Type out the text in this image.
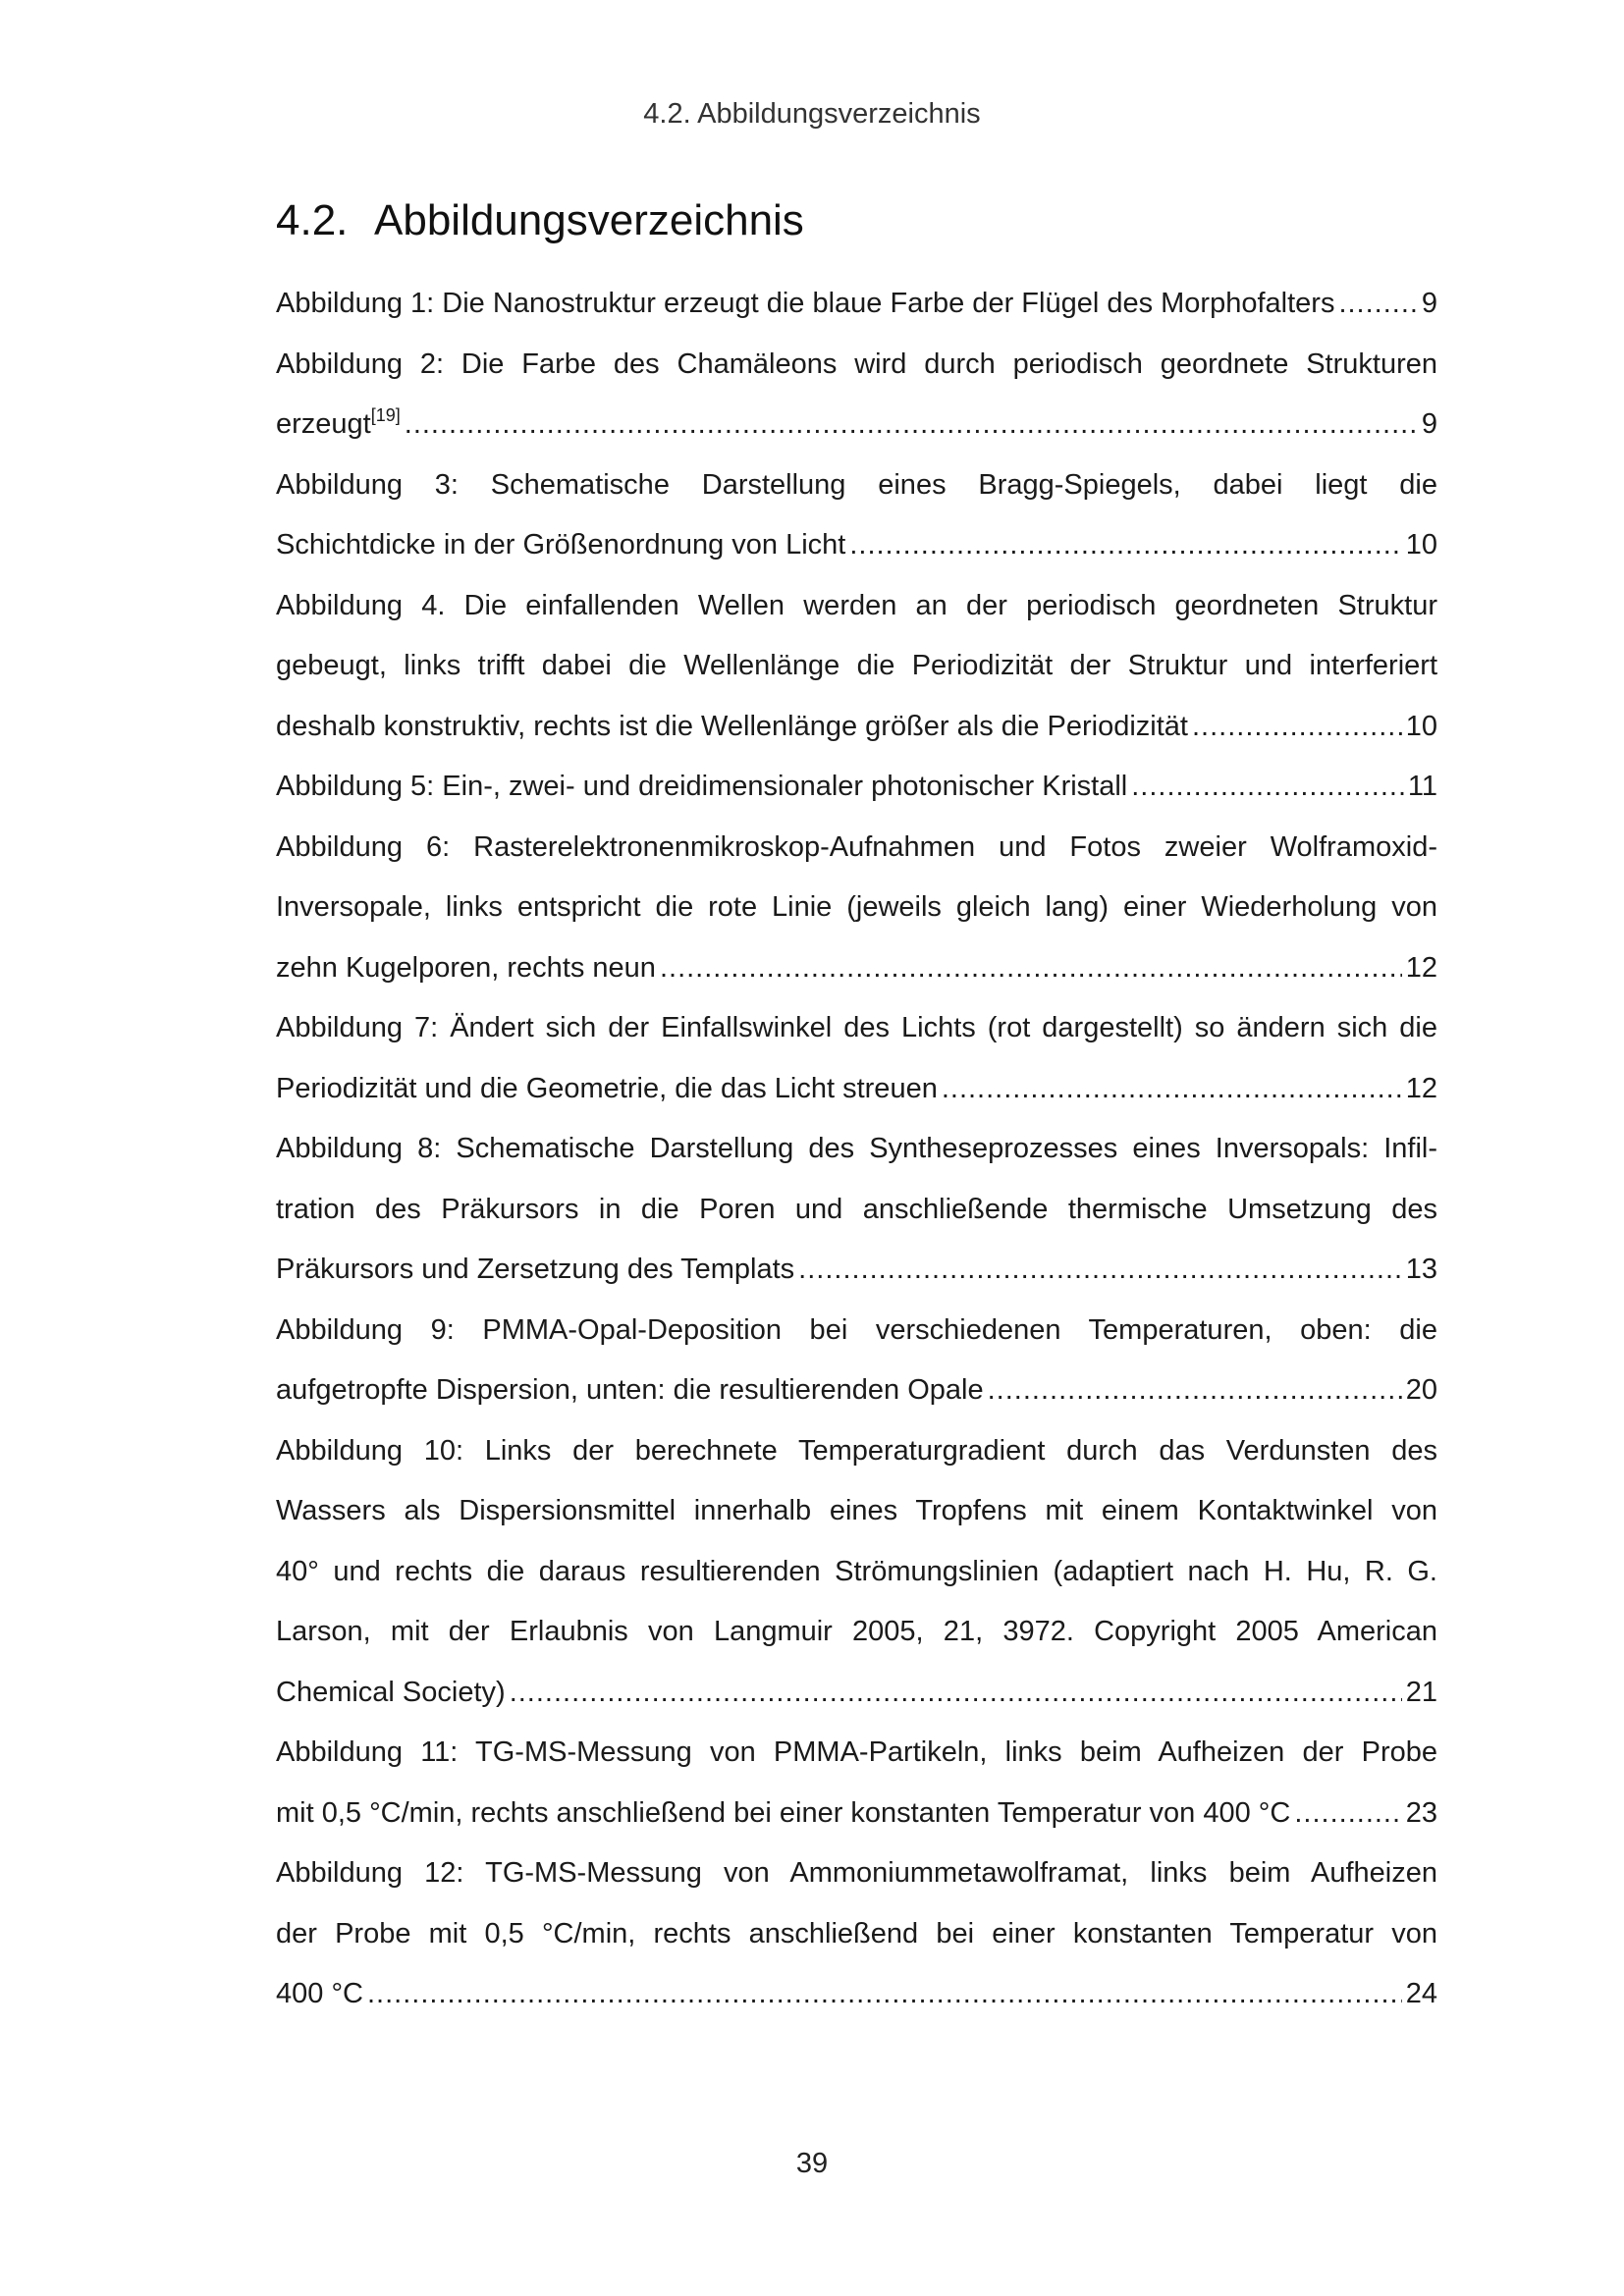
4.2. Abbildungsverzeichnis
4.2. Abbildungsverzeichnis
Abbildung 1: Die Nanostruktur erzeugt die blaue Farbe der Flügel des Morphofalters .....	9
Abbildung 2: Die Farbe des Chamäleons wird durch periodisch geordnete Strukturen
erzeugt[19] .....	9
Abbildung 3: Schematische Darstellung eines Bragg-Spiegels, dabei liegt die
Schichtdicke in der Größenordnung von Licht .....	10
Abbildung 4. Die einfallenden Wellen werden an der periodisch geordneten Struktur
gebeugt, links trifft dabei die Wellenlänge die Periodizität der Struktur und interferiert
deshalb konstruktiv, rechts ist die Wellenlänge größer als die Periodizität .....	10
Abbildung 5: Ein-, zwei- und dreidimensionaler photonischer Kristall .....	11
Abbildung 6: Rasterelektronenmikroskop-Aufnahmen und Fotos zweier Wolframoxid-
Inversopale, links entspricht die rote Linie (jeweils gleich lang) einer Wiederholung von
zehn Kugelporen, rechts neun .....	12
Abbildung 7: Ändert sich der Einfallswinkel des Lichts (rot dargestellt) so ändern sich die
Periodizität und die Geometrie, die das Licht streuen .....	12
Abbildung 8: Schematische Darstellung des Syntheseprozesses eines Inversopals: Infil-
tration des Präkursors in die Poren und anschließende thermische Umsetzung des
Präkursors und Zersetzung des Templats .....	13
Abbildung 9: PMMA-Opal-Deposition bei verschiedenen Temperaturen, oben: die
aufgetropfte Dispersion, unten: die resultierenden Opale .....	20
Abbildung 10: Links der berechnete Temperaturgradient durch das Verdunsten des
Wassers als Dispersionsmittel innerhalb eines Tropfens mit einem Kontaktwinkel von
40° und rechts die daraus resultierenden Strömungslinien (adaptiert nach H. Hu, R. G.
Larson, mit der Erlaubnis von Langmuir 2005, 21, 3972. Copyright 2005 American
Chemical Society) .....	21
Abbildung 11: TG-MS-Messung von PMMA-Partikeln, links beim Aufheizen der Probe
mit 0,5 °C/min, rechts anschließend bei einer konstanten Temperatur von 400 °C .....	23
Abbildung 12: TG-MS-Messung von Ammoniummetawolframat, links beim Aufheizen
der Probe mit 0,5 °C/min, rechts anschließend bei einer konstanten Temperatur von
400 °C .....	24
39
